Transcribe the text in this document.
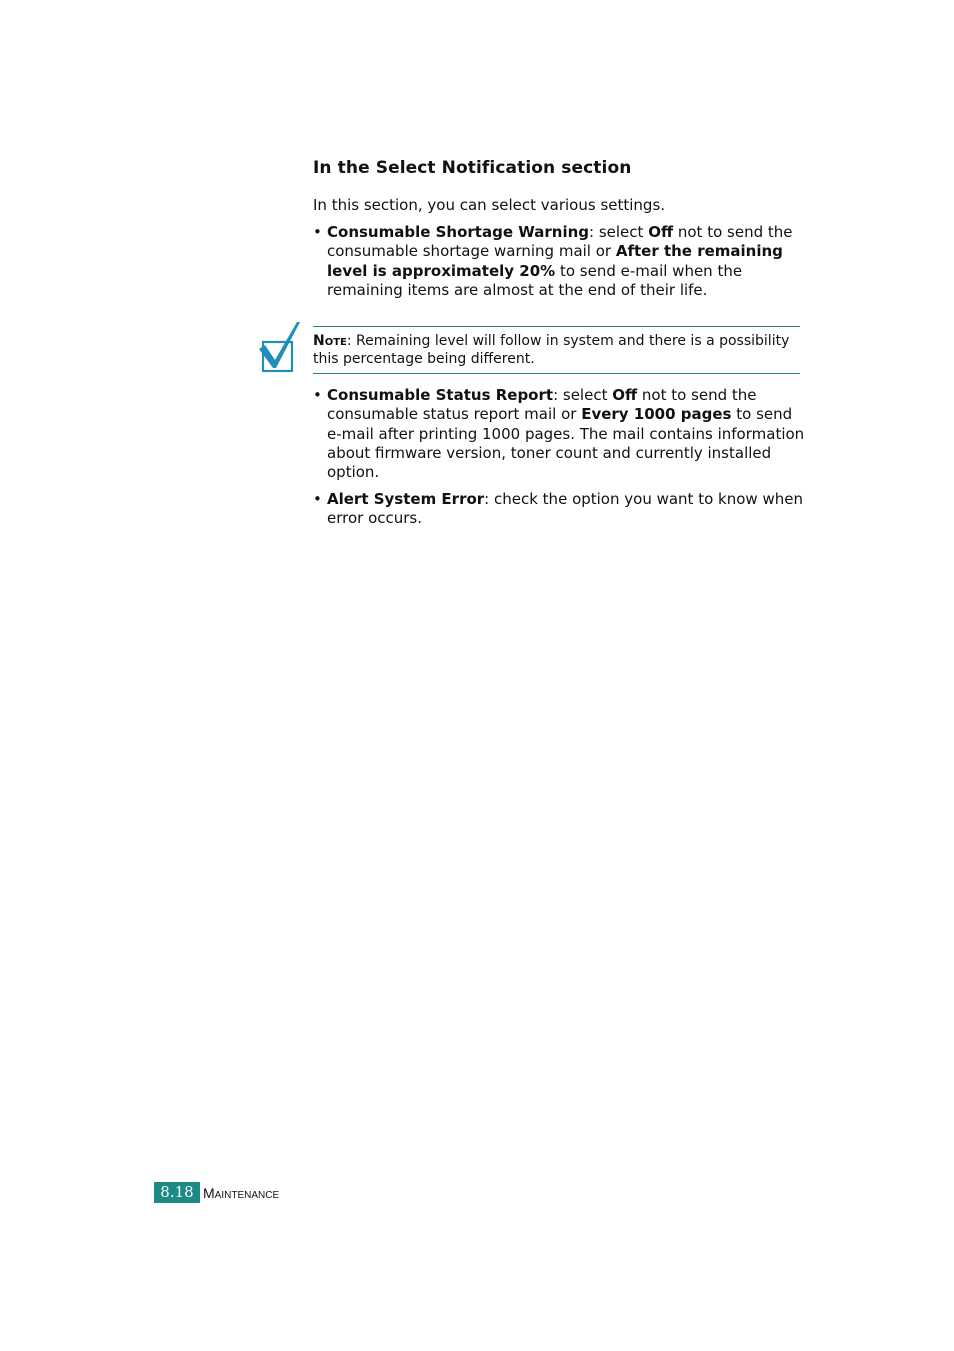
In the Select Notification section

In this section, you can select various settings.

• Consumable Shortage Warning: select Off not to send the consumable shortage warning mail or After the remaining level is approximately 20% to send e-mail when the remaining items are almost at the end of their life.

Note: Remaining level will follow in system and there is a possibility this percentage being different.

• Consumable Status Report: select Off not to send the consumable status report mail or Every 1000 pages to send e-mail after printing 1000 pages. The mail contains information about firmware version, toner count and currently installed option.

• Alert System Error: check the option you want to know when error occurs.

8.18 Maintenance
